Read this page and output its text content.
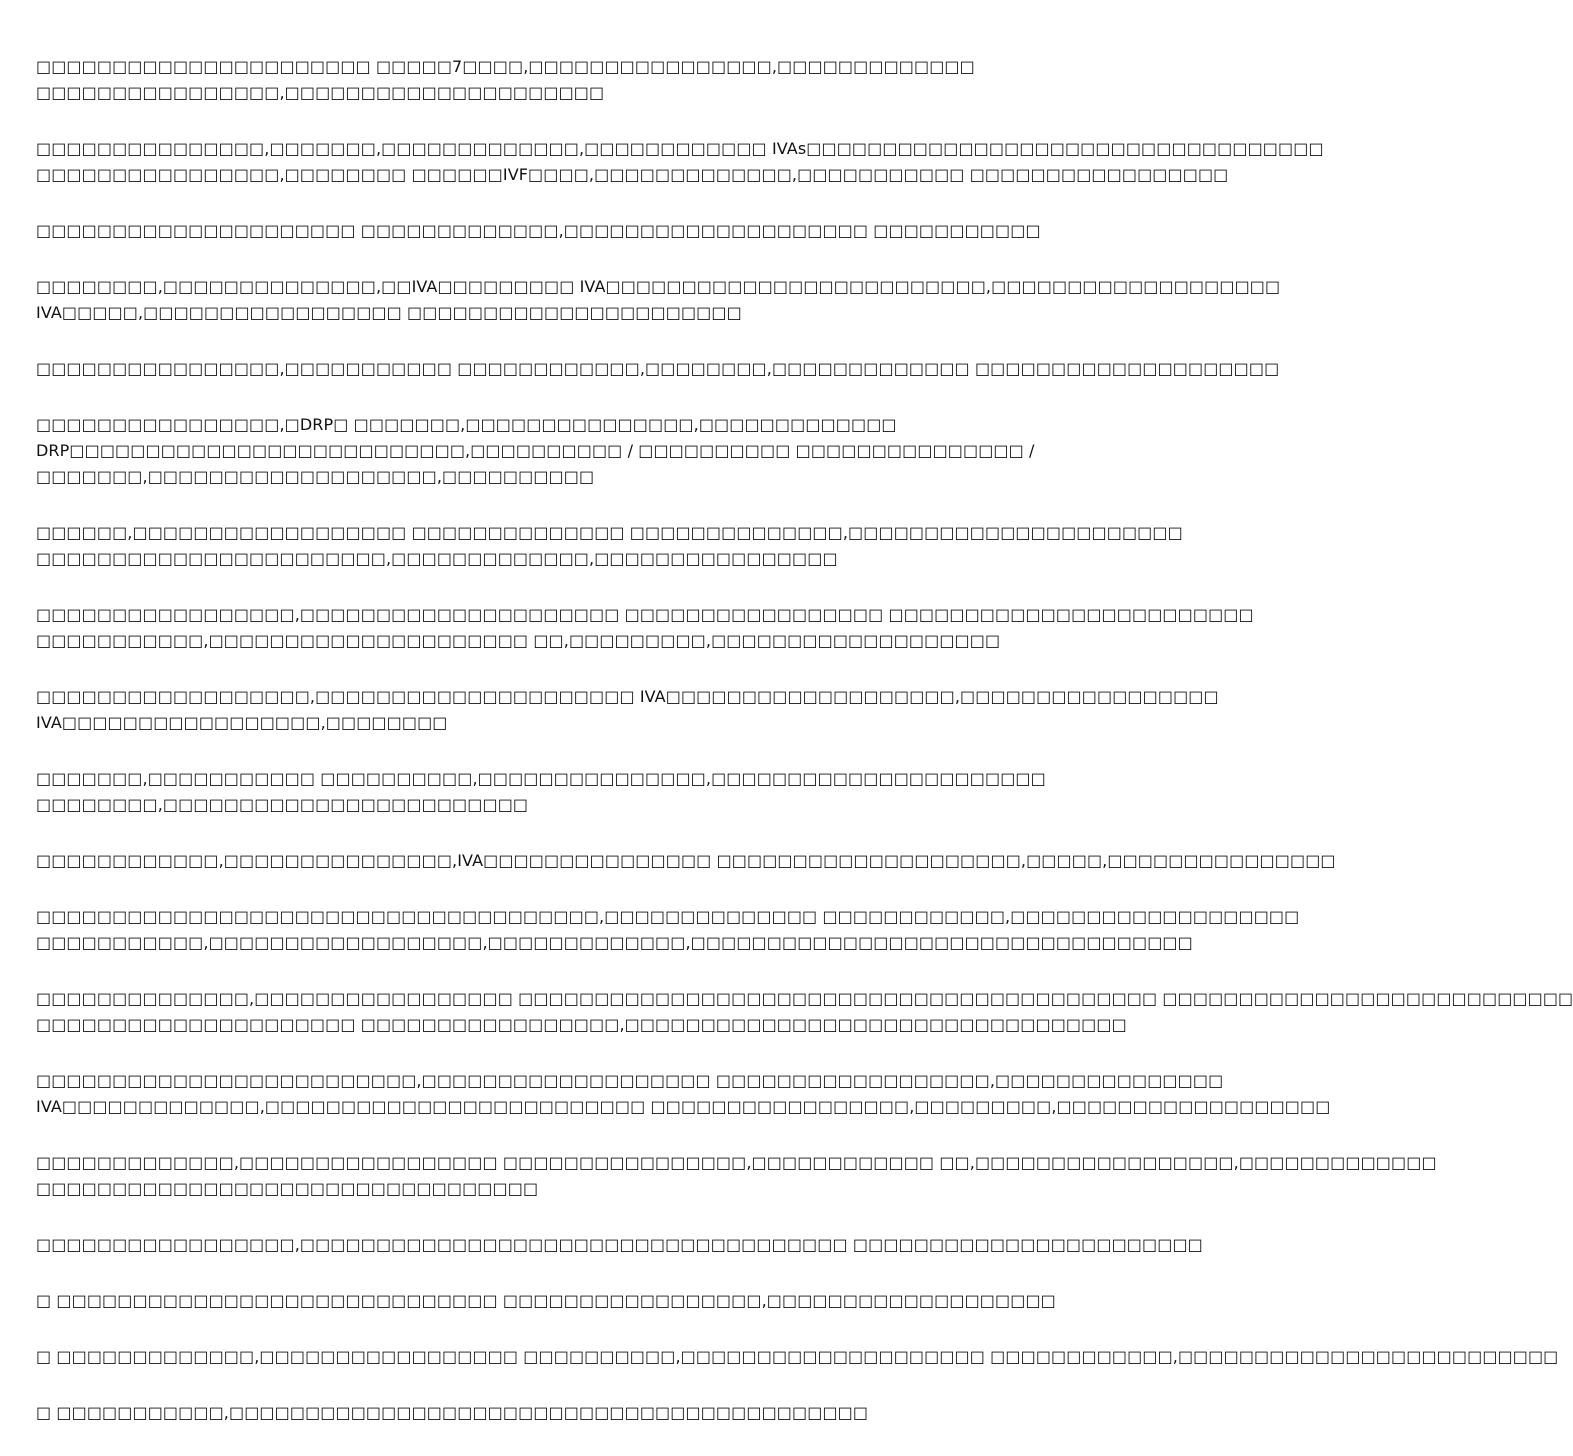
□□□□□□□□□□□□□□□□□□□□□□ □□□□□7□□□□,□□□□□□□□□□□□□□□□,□□□□□□□□□□□□□
□□□□□□□□□□□□□□□□,□□□□□□□□□□□□□□□□□□□□□
□□□□□□□□□□□□□□□,□□□□□□□,□□□□□□□□□□□□□,□□□□□□□□□□□□ IVAs□□□□□□□□□□□□□□□□□□□□□□□□□□□□□□□□□□
□□□□□□□□□□□□□□□□,□□□□□□□□ □□□□□□IVF□□□□,□□□□□□□□□□□□□,□□□□□□□□□□□ □□□□□□□□□□□□□□□□□
□□□□□□□□□□□□□□□□□□□□□ □□□□□□□□□□□□□,□□□□□□□□□□□□□□□□□□□□ □□□□□□□□□□□
□□□□□□□□,□□□□□□□□□□□□□□,□□IVA□□□□□□□□□ IVA□□□□□□□□□□□□□□□□□□□□□□□□□,□□□□□□□□□□□□□□□□□□□
IVA□□□□□,□□□□□□□□□□□□□□□□□ □□□□□□□□□□□□□□□□□□□□□□
□□□□□□□□□□□□□□□□,□□□□□□□□□□□ □□□□□□□□□□□□,□□□□□□□□,□□□□□□□□□□□□□ □□□□□□□□□□□□□□□□□□□□
□□□□□□□□□□□□□□□□,□DRP□ □□□□□□□,□□□□□□□□□□□□□□□,□□□□□□□□□□□□□
DRP□□□□□□□□□□□□□□□□□□□□□□□□□□,□□□□□□□□□□ / □□□□□□□□□□ □□□□□□□□□□□□□□□ /
□□□□□□□,□□□□□□□□□□□□□□□□□□□,□□□□□□□□□□
□□□□□□,□□□□□□□□□□□□□□□□□□ □□□□□□□□□□□□□□ □□□□□□□□□□□□□□,□□□□□□□□□□□□□□□□□□□□□□
□□□□□□□□□□□□□□□□□□□□□□□,□□□□□□□□□□□□□,□□□□□□□□□□□□□□□□
□□□□□□□□□□□□□□□□□,□□□□□□□□□□□□□□□□□□□□□ □□□□□□□□□□□□□□□□□ □□□□□□□□□□□□□□□□□□□□□□□□
□□□□□□□□□□□,□□□□□□□□□□□□□□□□□□□□□ □□,□□□□□□□□□,□□□□□□□□□□□□□□□□□□□
□□□□□□□□□□□□□□□□□□,□□□□□□□□□□□□□□□□□□□□□ IVA□□□□□□□□□□□□□□□□□□□,□□□□□□□□□□□□□□□□□
IVA□□□□□□□□□□□□□□□□□,□□□□□□□□
□□□□□□□,□□□□□□□□□□□ □□□□□□□□□□,□□□□□□□□□□□□□□□,□□□□□□□□□□□□□□□□□□□□□□
□□□□□□□□,□□□□□□□□□□□□□□□□□□□□□□□□
□□□□□□□□□□□□,□□□□□□□□□□□□□□□,IVA□□□□□□□□□□□□□□□ □□□□□□□□□□□□□□□□□□□□,□□□□□,□□□□□□□□□□□□□□□
□□□□□□□□□□□□□□□□□□□□□□□□□□□□□□□□□□□□□,□□□□□□□□□□□□□□ □□□□□□□□□□□□,□□□□□□□□□□□□□□□□□□□
□□□□□□□□□□□,□□□□□□□□□□□□□□□□□□,□□□□□□□□□□□□□,□□□□□□□□□□□□□□□□□□□□□□□□□□□□□□□□□
□□□□□□□□□□□□□□,□□□□□□□□□□□□□□□□□ □□□□□□□□□□□□□□□□□□□□□□□□□□□□□□□□□□□□□□□□□□ □□□□□□□□□□□□□□□□□□□□□□□□□□□
□□□□□□□□□□□□□□□□□□□□□ □□□□□□□□□□□□□□□□□,□□□□□□□□□□□□□□□□□□□□□□□□□□□□□□□□□
□□□□□□□□□□□□□□□□□□□□□□□□□,□□□□□□□□□□□□□□□□□□□ □□□□□□□□□□□□□□□□□□,□□□□□□□□□□□□□□□
IVA□□□□□□□□□□□□□,□□□□□□□□□□□□□□□□□□□□□□□□□ □□□□□□□□□□□□□□□□□,□□□□□□□□□,□□□□□□□□□□□□□□□□□□
□□□□□□□□□□□□□,□□□□□□□□□□□□□□□□□ □□□□□□□□□□□□□□□□,□□□□□□□□□□□□ □□,□□□□□□□□□□□□□□□□□,□□□□□□□□□□□□□
□□□□□□□□□□□□□□□□□□□□□□□□□□□□□□□□□
□□□□□□□□□□□□□□□□□,□□□□□□□□□□□□□□□□□□□□□□□□□□□□□□□□□□□□ □□□□□□□□□□□□□□□□□□□□□□□
□ □□□□□□□□□□□□□□□□□□□□□□□□□□□□□ □□□□□□□□□□□□□□□□□,□□□□□□□□□□□□□□□□□□□
□ □□□□□□□□□□□□□,□□□□□□□□□□□□□□□□□ □□□□□□□□□□,□□□□□□□□□□□□□□□□□□□□ □□□□□□□□□□□□,□□□□□□□□□□□□□□□□□□□□□□□□□
□ □□□□□□□□□□□,□□□□□□□□□□□□□□□□□□□□□□□□□□□□□□□□□□□□□□□□□□
